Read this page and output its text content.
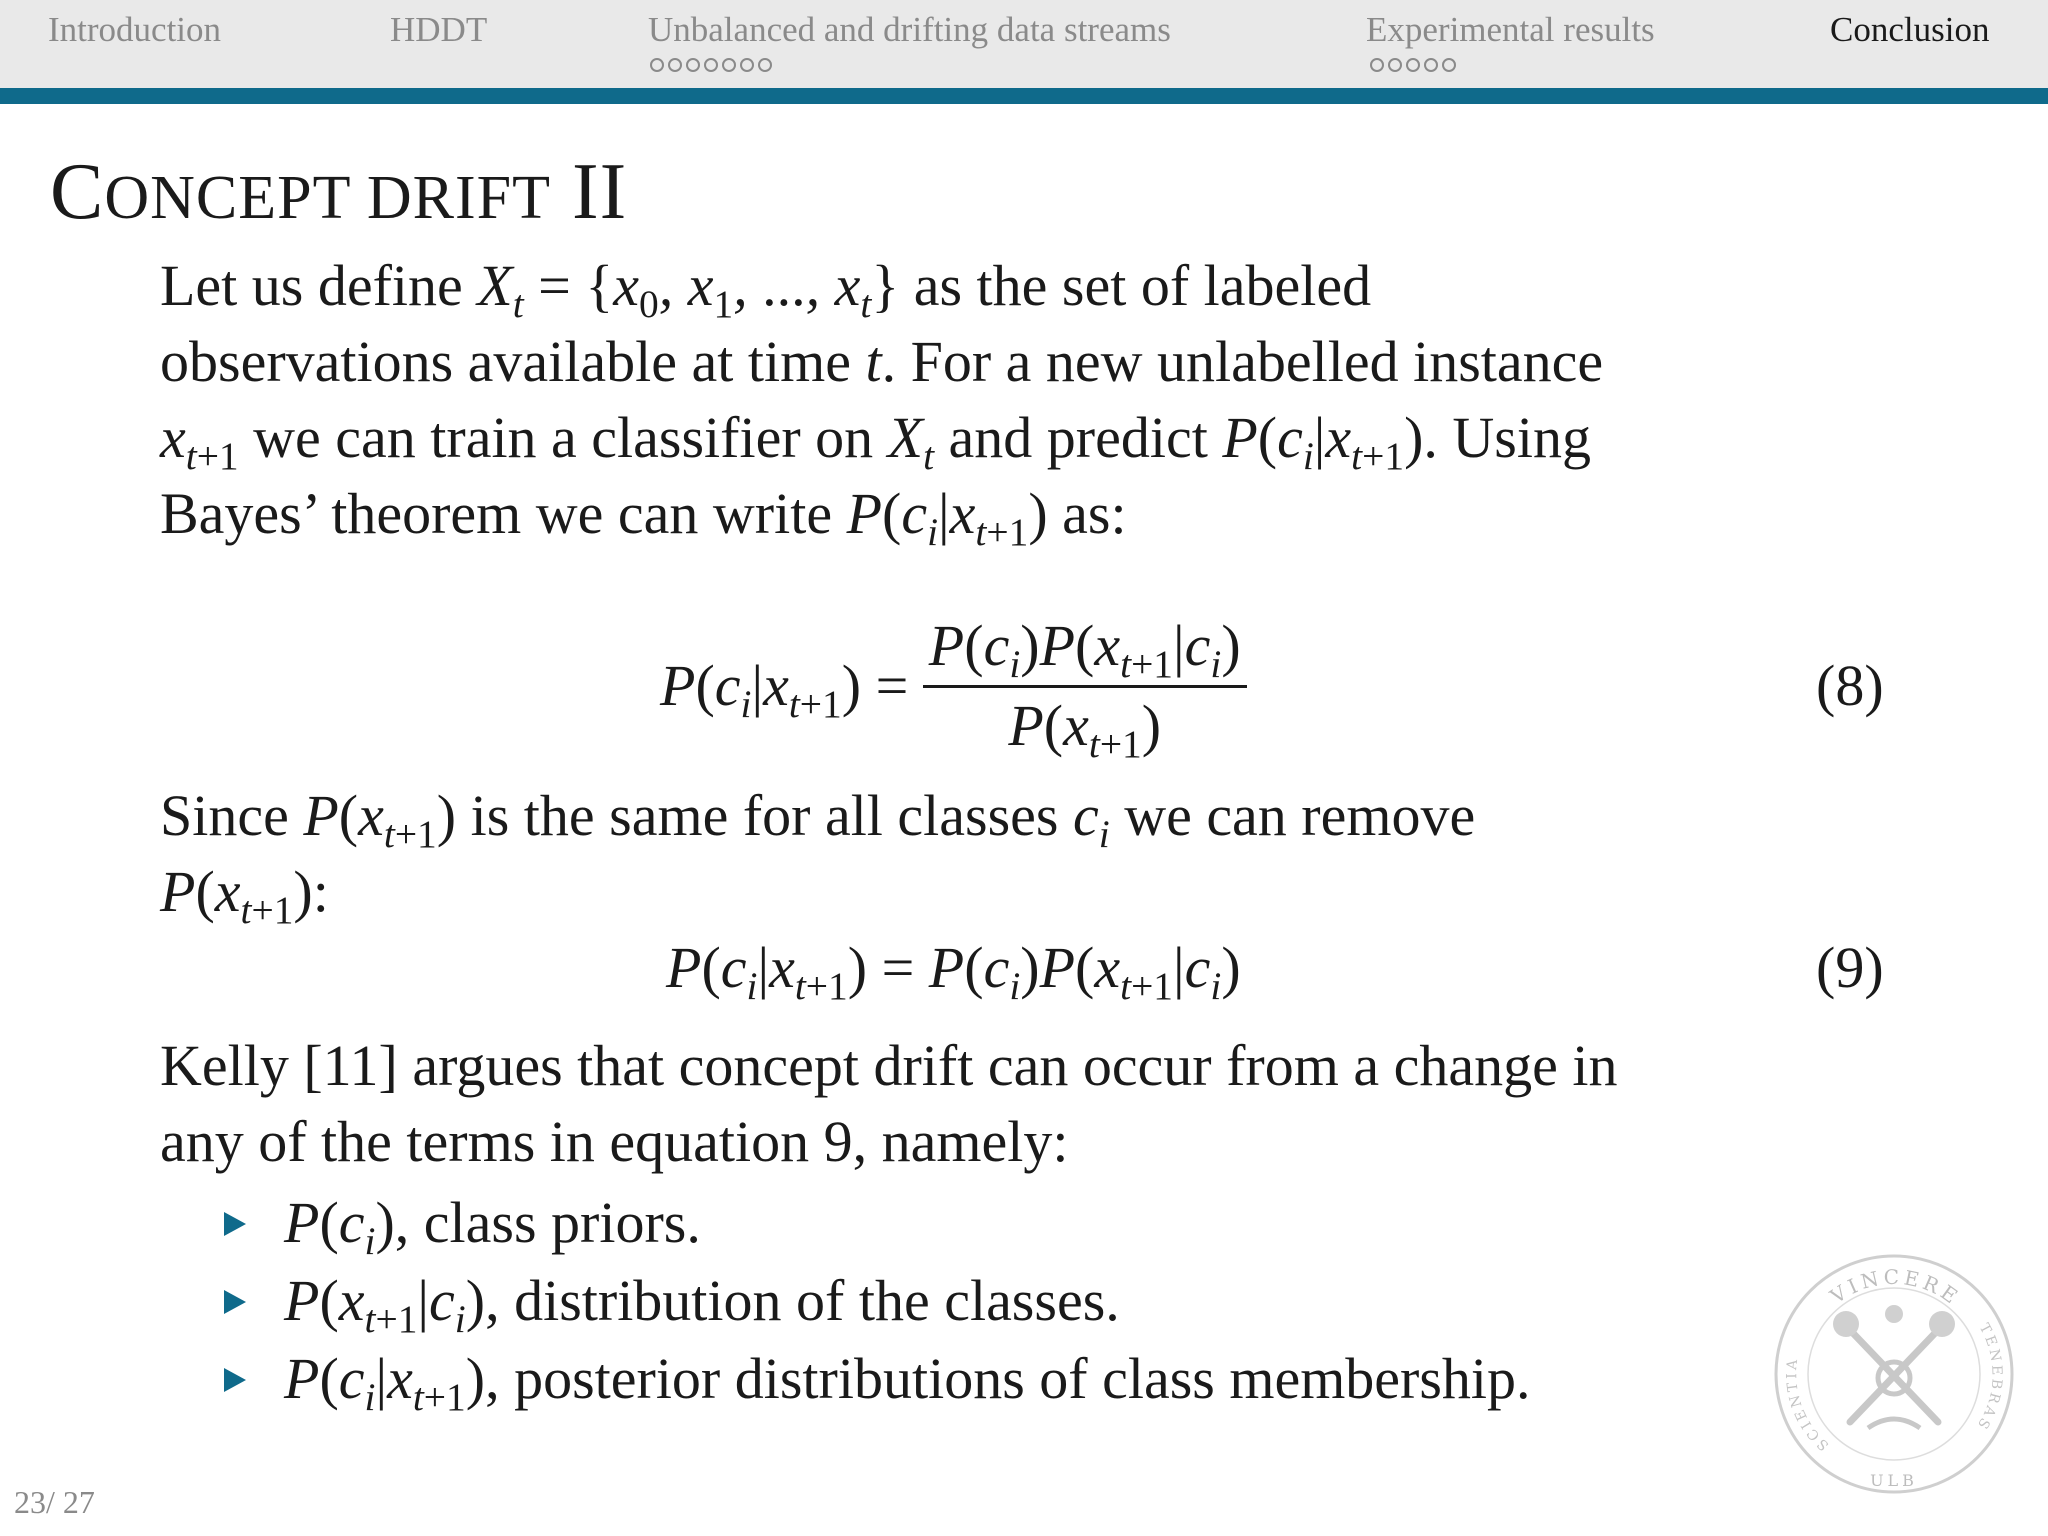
Introduction	HDDT	Unbalanced and drifting data streams	Experimental results	Conclusion
CONCEPT DRIFT II
Let us define $X_t = \{x_0$, $x_1$, ..., $x_t$} as the set of labeled
observations available at time t. For a new unlabelled instance
$x_{t+1}$ we can train a classifier on $X_t$ and predict $P(c_i|x_{t+1})$. Using
Bayes’ theorem we can write $P(c_i|x_{t+1})$ as:
$P(c_i|x_{t+1}) = \frac{P(c_i)P(x_{t+1}|c_i)}{P(x_{t+1})}$	(8)
Since $P(x_{t+1})$ is the same for all classes $c_i$ we can remove
$P(x_{t+1})$:
$P(c_i|x_{t+1}) = P(c_i)P(x_{t+1}|c_i)$	(9)
Kelly [11] argues that concept drift can occur from a change in
any of the terms in equation 9, namely:
$P(c_i)$, class priors.
$P(x_{t+1}|c_i)$, distribution of the classes.
$P(c_i|x_{t+1})$, posterior distributions of class membership.
23/ 27
VINCERE
SCIENTIA
TENEBRAS
ULB
